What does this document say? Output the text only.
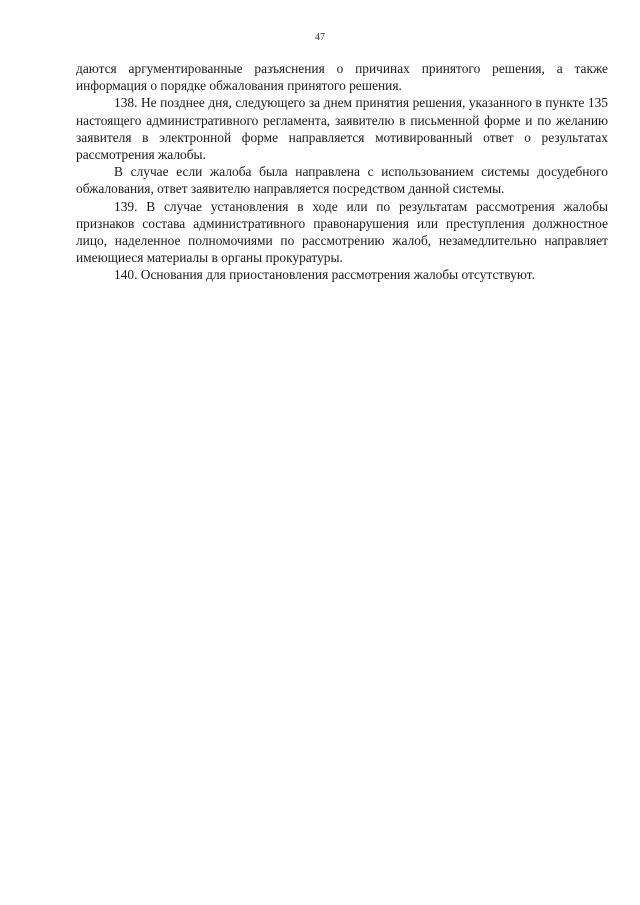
47

даются аргументированные разъяснения о причинах принятого решения, а также информация о порядке обжалования принятого решения.

138. Не позднее дня, следующего за днем принятия решения, указанного в пункте 135 настоящего административного регламента, заявителю в письменной форме и по желанию заявителя в электронной форме направляется мотивированный ответ о результатах рассмотрения жалобы.

В случае если жалоба была направлена с использованием системы досудебного обжалования, ответ заявителю направляется посредством данной системы.

139. В случае установления в ходе или по результатам рассмотрения жалобы признаков состава административного правонарушения или преступления должностное лицо, наделенное полномочиями по рассмотрению жалоб, незамедлительно направляет имеющиеся материалы в органы прокуратуры.

140. Основания для приостановления рассмотрения жалобы отсутствуют.
